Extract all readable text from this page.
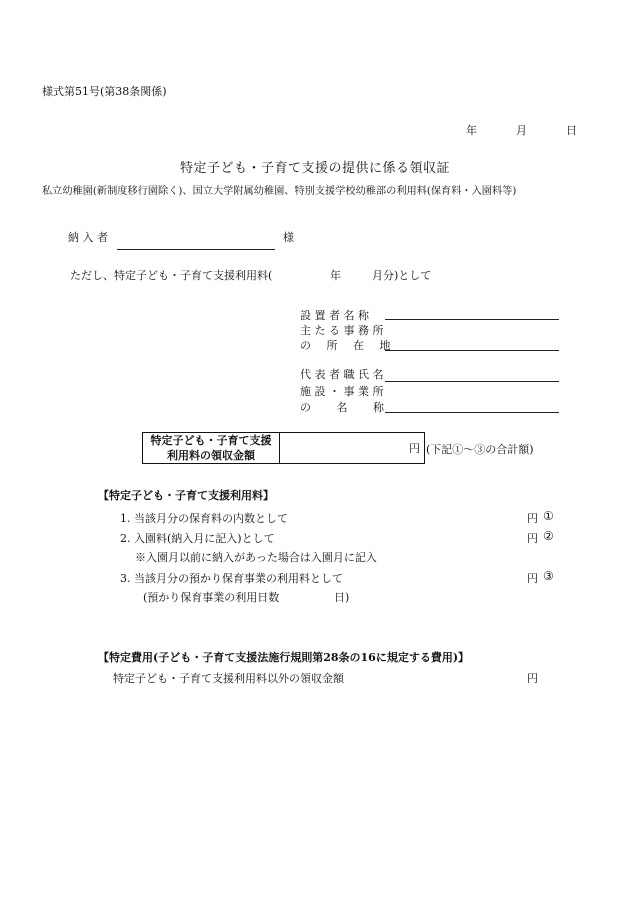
様式第51号(第38条関係)
年	月	日
特定子ども・子育て支援の提供に係る領収証
私立幼稚園(新制度移行園除く)、国立大学附属幼稚園、特別支援学校幼稚部の利用料(保育料・入園料等)
納 入 者	様
ただし、特定子ども・子育て支援利用料(	年	月分)として
設 置 者 名 称
主 た る 事 務 所
の 所 在 地
代 表 者 職 氏 名
施 設 ・ 事 業 所
の 名 称
特定子ども・子育て支援
利用料の領収金額	円 (下記①～③の合計額)
【特定子ども・子育て支援利用料】
1. 当該月分の保育料の内数として	円 ①
2. 入園料(納入月に記入)として	円 ②
※入園月以前に納入があった場合は入園月に記入
3. 当該月分の預かり保育事業の利用料として	円 ③
(預かり保育事業の利用日数	日)
【特定費用(子ども・子育て支援法施行規則第28条の16に規定する費用)】
特定子ども・子育て支援利用料以外の領収金額	円
